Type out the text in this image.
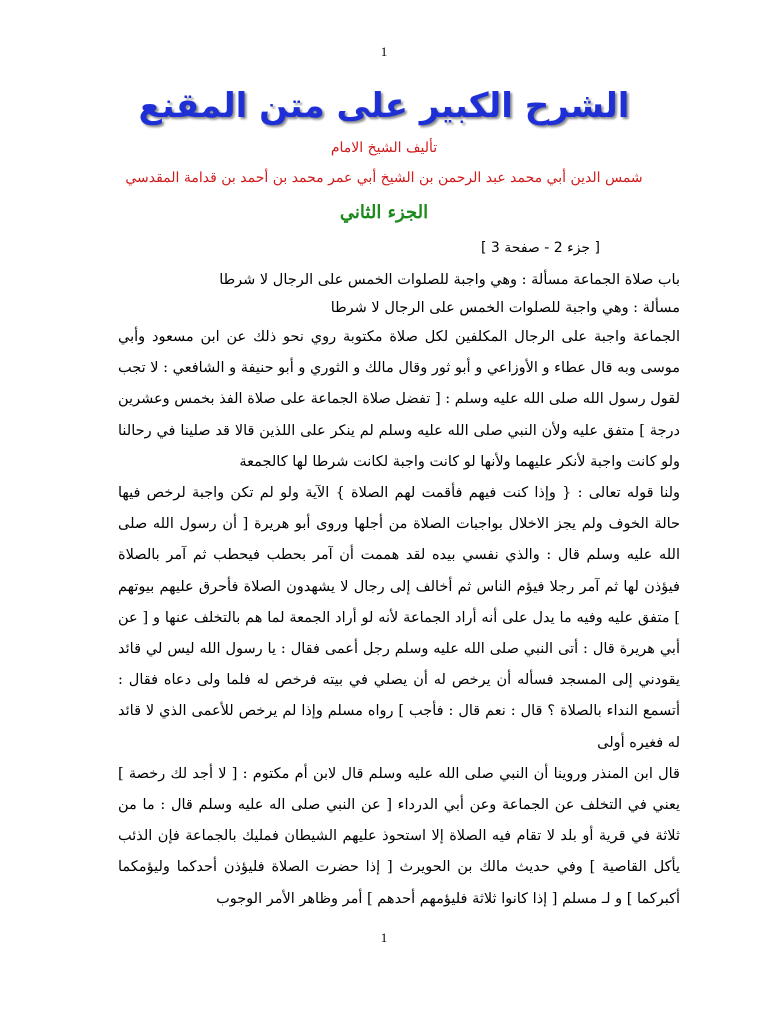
1
الشرح الكبير على متن المقنع
تأليف الشيخ الامام
شمس الدين أبي محمد عبد الرحمن بن الشيخ أبي عمر محمد بن أحمد بن قدامة المقدسي
الجزء الثاني
[ جزء 2 - صفحة 3 ]

باب صلاة الجماعة مسألة : وهي واجبة للصلوات الخمس على الرجال لا شرطا

مسألة : وهي واجبة للصلوات الخمس على الرجال لا شرطا

الجماعة واجبة على الرجال المكلفين لكل صلاة مكتوبة روي نحو ذلك عن ابن مسعود وأبي موسى وبه قال عطاء و الأوزاعي و أبو ثور وقال مالك و الثوري و أبو حنيفة و الشافعي : لا تجب لقول رسول الله صلى الله عليه وسلم : [ تفضل صلاة الجماعة على صلاة الفذ بخمس وعشرين درجة ] متفق عليه ولأن النبي صلى الله عليه وسلم لم ينكر على اللذين قالا قد صلينا في رحالنا ولو كانت واجبة لأنكر عليهما ولأنها لو كانت واجبة لكانت شرطا لها كالجمعة

ولنا قوله تعالى : { وإذا كنت فيهم فأقمت لهم الصلاة } الآية ولو لم تكن واجبة لرخص فيها حالة الخوف ولم يجز الاخلال بواجبات الصلاة من أجلها وروى أبو هريرة [ أن رسول الله صلى الله عليه وسلم قال : والذي نفسي بيده لقد هممت أن آمر بحطب فيحطب ثم آمر بالصلاة فيؤذن لها ثم آمر رجلا فيؤم الناس ثم أخالف إلى رجال لا يشهدون الصلاة فأحرق عليهم بيوتهم ] متفق عليه وفيه ما يدل على أنه أراد الجماعة لأنه لو أراد الجمعة لما هم بالتخلف عنها و [ عن أبي هريرة قال : أتى النبي صلى الله عليه وسلم رجل أعمى فقال : يا رسول الله ليس لي قائد يقودني إلى المسجد فسأله أن يرخص له أن يصلي في بيته فرخص له فلما ولى دعاه فقال : أتسمع النداء بالصلاة ؟ قال : نعم قال : فأجب ] رواه مسلم وإذا لم يرخص للأعمى الذي لا قائد له فغيره أولى

قال ابن المنذر وروينا أن النبي صلى الله عليه وسلم قال لابن أم مكتوم : [ لا أجد لك رخصة ] يعني في التخلف عن الجماعة وعن أبي الدرداء [ عن النبي صلى اله عليه وسلم قال : ما من ثلاثة في قرية أو بلد لا تقام فيه الصلاة إلا استحوذ عليهم الشيطان فمليك بالجماعة فإن الذئب يأكل القاصية ] وفي حديث مالك بن الحويرث [ إذا حضرت الصلاة فليؤذن أحدكما وليؤمكما أكبركما ] و لـ مسلم [ إذا كانوا ثلاثة فليؤمهم أحدهم ] أمر وظاهر الأمر الوجوب

1
